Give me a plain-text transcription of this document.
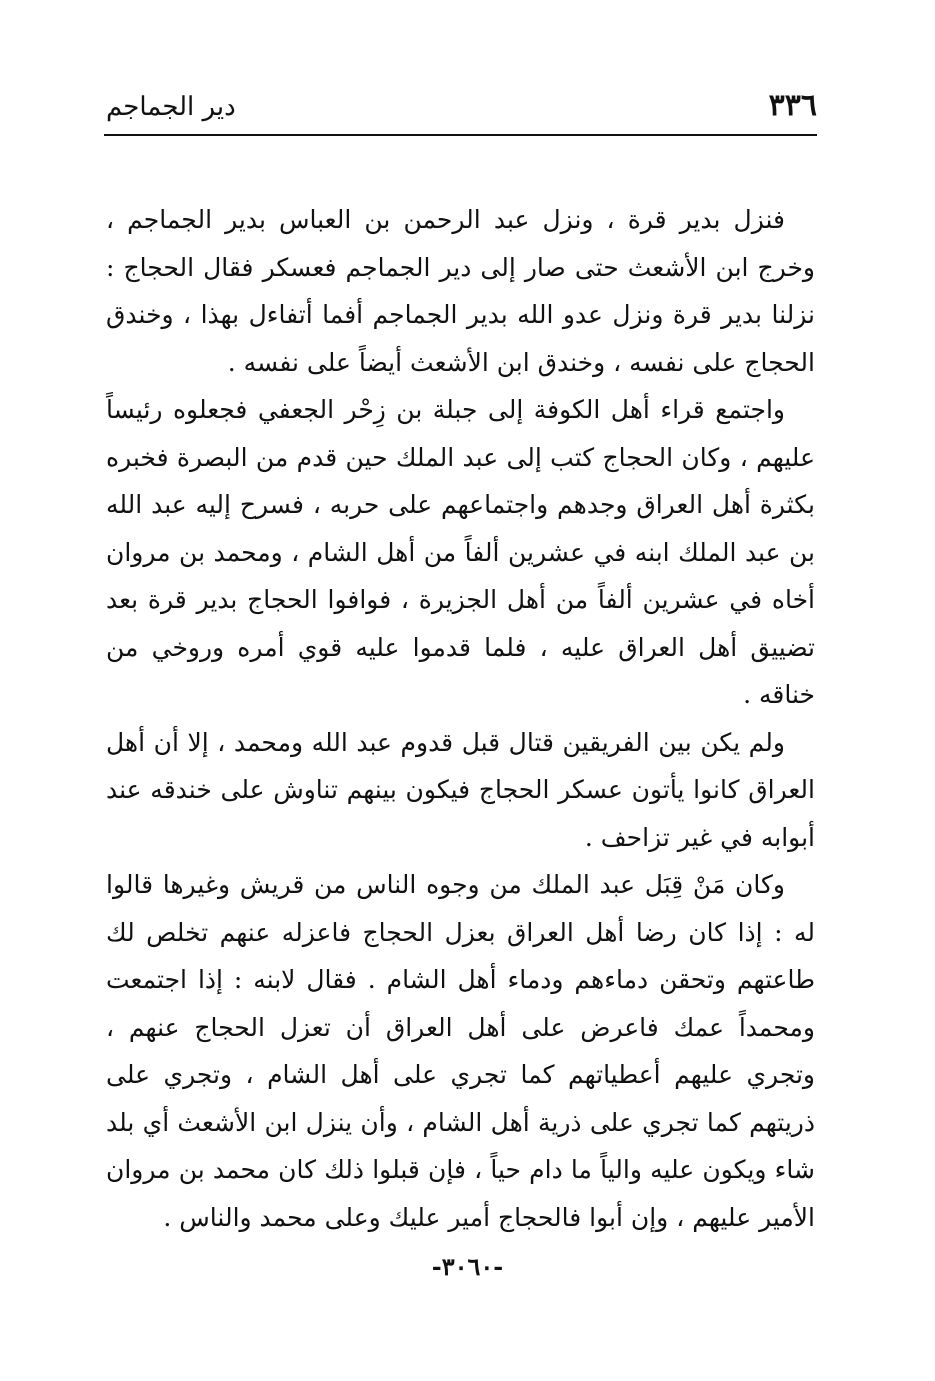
٣٣٦
دير الجماجم

فنزل بدير قرة ، ونزل عبد الرحمن بن العباس بدير الجماجم ، وخرج ابن الأشعث حتى صار إلى دير الجماجم فعسكر فقال الحجاج : نزلنا بدير قرة ونزل عدو الله بدير الجماجم أفما أتفاءل بهذا ، وخندق الحجاج على نفسه ، وخندق ابن الأشعث أيضاً على نفسه .

واجتمع قراء أهل الكوفة إلى جبلة بن زِحْر الجعفي فجعلوه رئيساً عليهم ، وكان الحجاج كتب إلى عبد الملك حين قدم من البصرة فخبره بكثرة أهل العراق وجدهم واجتماعهم على حربه ، فسرح إليه عبد الله بن عبد الملك ابنه في عشرين ألفاً من أهل الشام ، ومحمد بن مروان أخاه في عشرين ألفاً من أهل الجزيرة ، فوافوا الحجاج بدير قرة بعد تضييق أهل العراق عليه ، فلما قدموا عليه قوي أمره وروخي من خناقه .

ولم يكن بين الفريقين قتال قبل قدوم عبد الله ومحمد ، إلا أن أهل العراق كانوا يأتون عسكر الحجاج فيكون بينهم تناوش على خندقه عند أبوابه في غير تزاحف .

وكان مَنْ قِبَل عبد الملك من وجوه الناس من قريش وغيرها قالوا له : إذا كان رضا أهل العراق بعزل الحجاج فاعزله عنهم تخلص لك طاعتهم وتحقن دماءهم ودماء أهل الشام . فقال لابنه : إذا اجتمعت ومحمداً عمك فاعرض على أهل العراق أن تعزل الحجاج عنهم ، وتجري عليهم أعطياتهم كما تجري على أهل الشام ، وتجري على ذريتهم كما تجري على ذرية أهل الشام ، وأن ينزل ابن الأشعث أي بلد شاء ويكون عليه والياً ما دام حياً ، فإن قبلوا ذلك كان محمد بن مروان الأمير عليهم ، وإن أبوا فالحجاج أمير عليك وعلى محمد والناس .

-٣٠٦٠-
